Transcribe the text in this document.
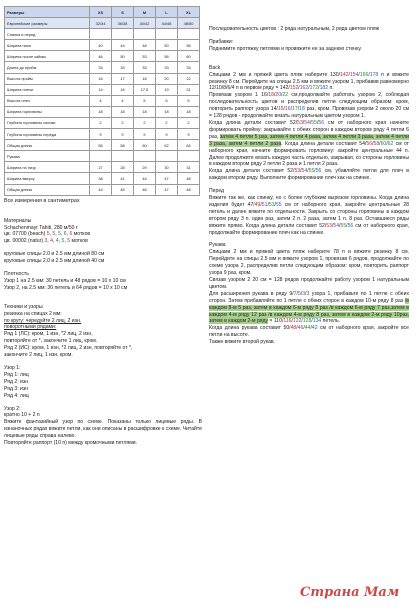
Размеры	XS	S	M	L	XL
Европейские размеры	32/34	36/38	40/42	44/46	48/50
Спинка и перед					
Ширина низа	40	44	48	50	56
Ширина после каймы	46	50	53	56	60
Длина до пройм	33	33	33	33	33
Высота пройм	16	17	18	20	22
Ширина плечи	14	16	17,5	19	21
Высота плеч	4	4	5	5	5
Ширина горловины	18	18	18	18	18
Глубина горловины спинки	2	2	2	2	2
Глубина горловины переда	9	9	9	9	9
Общая длина	56	58	60	62	64
Рукава					
Ширина по низу	27	28	29	30	31
Ширина вверху	38	41	44	47	48
Общая длина	44	45	46	47	48
Все измерения в сантиметрах

Материалы

Schachenmayr Tahiti, 280 м/50 г

цв. 07700 (beach) 5, 5, 5, 6, 6 мотков

цв. 00002 (natur) 3, 4, 4, 5, 5 мотков

круговые спицы 2.0 и 2.5 мм длиной 80 см

круговые спицы 2.0 и 2.5 мм длиной 40 см

Плотность

Узор 1 на 2.5 мм: 30 петель и 48 рядов = 10 х 10 см

Узор 2, на 2.5 мм: 30 петель и 64 рядов = 10 х 10 см

Техники и узоры

резинка на спицах 2 мм:

по кругу: чередуйте 2 лиц, 2 изн.

поворотными рядами:

Ряд 1 (ЛС): кром, 1 изн, *2 лиц, 2 изн,

повторяйте от *, закончите 1 лиц, кром.

Ряд 2 (ИС): кром, 1 изн, *2 лиц, 2 изн, повторяйте от *,

закончите 2 лиц, 1 изн, кром.

Узор 1:

Ряд 1: лиц

Ряд 2: изн

Ряд 3: изн

Ряд 4: лиц

Узор 2:

кратно 10 + 2 п

Вяжите фантазийный узор по схеме. Показаны только лицевые ряды. В изнаночных рядах вяжите петли, как они описаны в расшифровке к схеме. Читайте лицевые ряды справа налево.

Повторяйте раппорт (10 п) между кромочными петлями.

Последовательность цветов : 2 ряда натуральным, 2 ряда цветом пляж

Прибавки:

Поднимите протяжку петлями и провяжите ее за заднюю стенку.

Back

Спицами 2 мм и пряжей цвета пляж наберите 130/142/154/166/178 п и вяжите резинку 8 см. Перейдите на спицы 2.5 мм и вяжите узором 1, прибавив равномерно 12/10/8/6/4 п в первом ряду = 142/152/162/172/182 п.

Провязав узором 1 16/18/20/22 см,продолжайте работать узором 2, соблюдая последовательность цветов и распределив петли следующим образом: кром, повторить раппорт узора 14/15/16/17/18 раз, кром. Провязав узором 2 около 20 см = 128 рядов - продолжайте вязать натуральным цветом узором 1.

Когда длина детали составит 52/53/54/55/56 см от наборного края начните формировать пройму: закрывайте с обеих сторон в каждом втором ряду 4 петли 6 раз, затем 4 петли 5 раз, затем 4 петли 4 раза, затем 4 петли 3 раза, затем 4 петли 3 раза, затем 4 петли 2 раза. Когда длина детали составит 54/56/58/60/62 см от наборного края, начните формировать горловину: закройте центральные 44 п. Далее продолжите вязать каждую часть отдельно, закрывая, со стороны горловины в каждом втором ряду 2 петли 2 раза и 1 петля 2 раза.

Когда длина детали составит 52/53/54/55/56 см, убавляйте петли для плеч в каждом втором ряду. Выполните формирование плеч как на спинке.

Перед

Вяжите так же, как спинку, но с более глубоким вырезом горловины. Когда длина изделия будет 47/49/51/53/55 см от наборного края, закройте центральные 28 петель и далее вяжите по отдельности. Закрыть со стороны горловины в каждом втором ряду 3 п. один раз, затем 2 п. 2 раза, затем 1 п. 8 раз. Оставшиеся ряды вяжите прямо. Когда длина детали составит 52/53/54/55/56 см от наборного края, продолжайте формирование плеч как на спинке.

Рукава

Спицами 2 мм и пряжей цвета пляж наберите 78 п и вяжите резинку 8 см. Перейдите на спицы 2.5 мм и вяжите узором 1, провязав 6 рядов, продолжайте по схеме узора 2, распределив петли следующим образом: кром, повторить раппорт узора 9 раз, кром.

Связав узором 2 20 см = 128 рядов продолжайте работу узором 1 натуральным цветом.

Для расширения рукава в ряду 9/7/5/3/3 узора 1, прибавьте по 1 петле с обеих сторон. Затем прибавляйте по 1 петле с обеих сторон в каждом 10-м ряду 8 раз /в каждом 8-м 5 раз, затем в каждом 6-м ряду 8 раз /в каждом 6-м ряду 7 раз,затем в каждом 4-м ряду 12 раз /в каждом 4-м ряду 8 раз, затем в каждом 2-м ряду 10раз, затем в каждом 2-м ряду = 110/116/122/128/134 петель.

Когда длина рукава составит 50/48/46/44/42 см от наборного края, закройте все петли на высоте.

Также вяжите второй рукав.

Страна Мам
